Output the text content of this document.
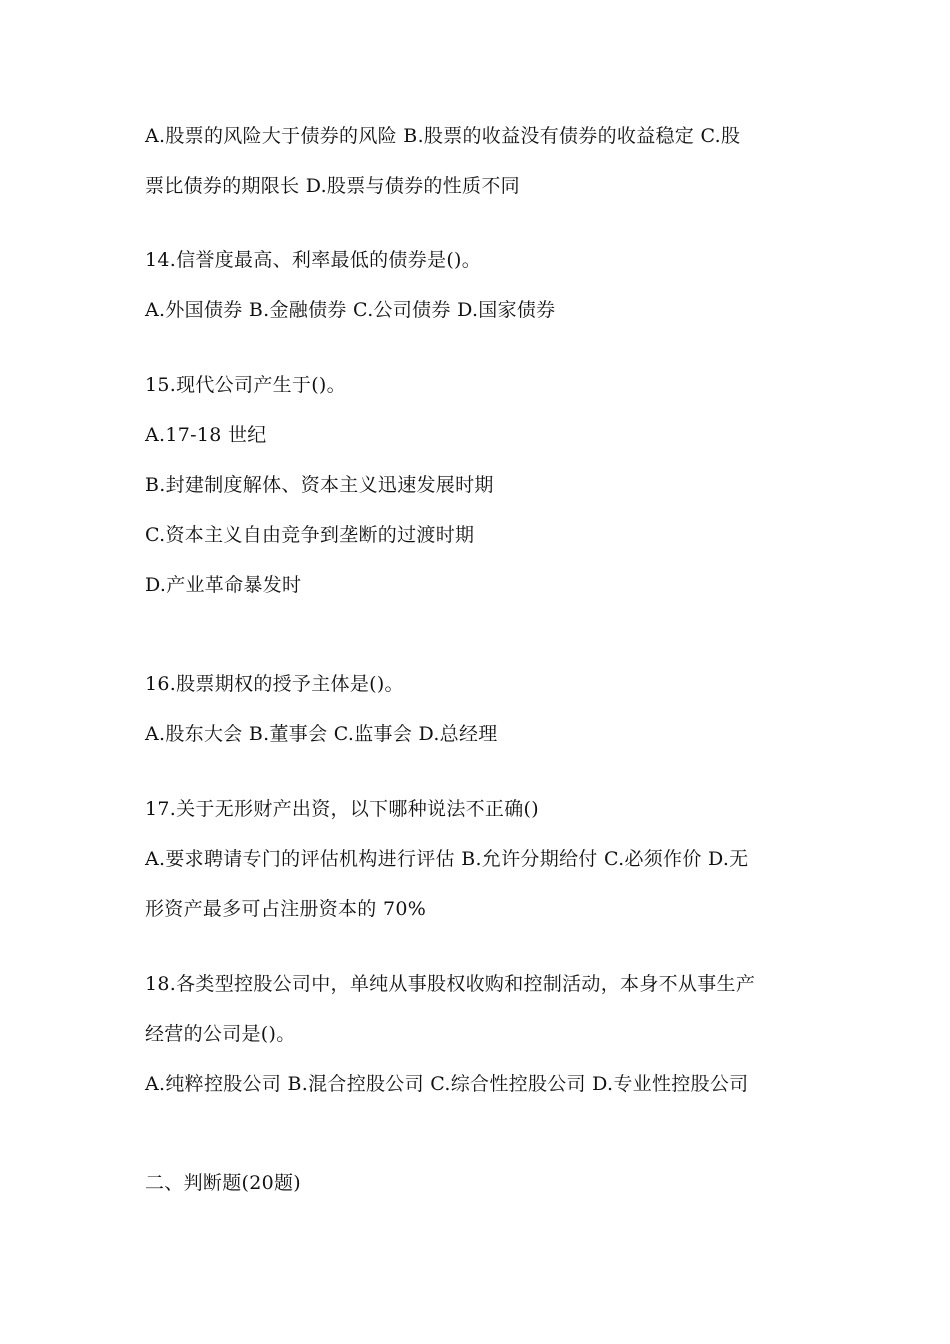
A.股票的风险大于债券的风险 B.股票的收益没有债券的收益稳定 C.股
票比债券的期限长 D.股票与债券的性质不同
14.信誉度最高、利率最低的债券是()。
A.外国债券 B.金融债券 C.公司债券 D.国家债券
15.现代公司产生于()。
A.17-18 世纪
B.封建制度解体、资本主义迅速发展时期
C.资本主义自由竞争到垄断的过渡时期
D.产业革命暴发时
16.股票期权的授予主体是()。
A.股东大会 B.董事会 C.监事会 D.总经理
17.关于无形财产出资，以下哪种说法不正确()
A.要求聘请专门的评估机构进行评估 B.允许分期给付 C.必须作价 D.无
形资产最多可占注册资本的 70%
18.各类型控股公司中，单纯从事股权收购和控制活动，本身不从事生产
经营的公司是()。
A.纯粹控股公司 B.混合控股公司 C.综合性控股公司 D.专业性控股公司
二、判断题(20题)
